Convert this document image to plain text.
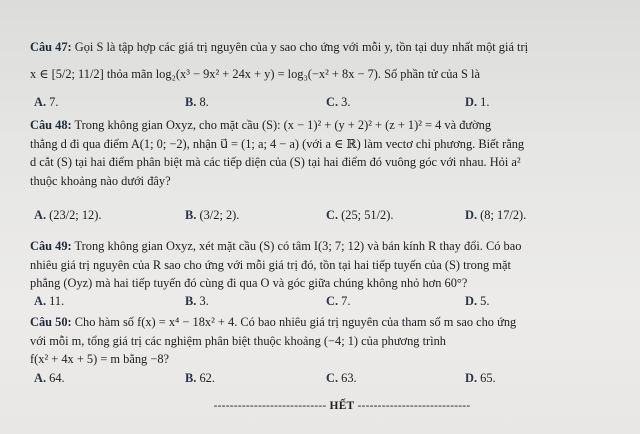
Câu 47: Gọi S là tập hợp các giá trị nguyên của y sao cho ứng với mỗi y, tồn tại duy nhất một giá trị
x ∈ [5/2; 11/2] thỏa mãn log₂(x³ − 9x² + 24x + y) = log₃(−x² + 8x − 7). Số phần tử của S là
A. 7.	B. 8.	C. 3.	D. 1.
Câu 48: Trong không gian Oxyz, cho mặt cầu (S): (x − 1)² + (y + 2)² + (z + 1)² = 4 và đường
thẳng d đi qua điểm A(1; 0; −2), nhận u⃗ = (1; a; 4 − a) (với a ∈ ℝ) làm vectơ chỉ phương. Biết rằng
d cắt (S) tại hai điểm phân biệt mà các tiếp diện của (S) tại hai điểm đó vuông góc với nhau. Hỏi a²
thuộc khoảng nào dưới đây?
A. (23/2; 12).	B. (3/2; 2).	C. (25; 51/2).	D. (8; 17/2).
Câu 49: Trong không gian Oxyz, xét mặt cầu (S) có tâm I(3; 7; 12) và bán kính R thay đổi. Có bao
nhiêu giá trị nguyên của R sao cho ứng với mỗi giá trị đó, tồn tại hai tiếp tuyến của (S) trong mặt
phẳng (Oyz) mà hai tiếp tuyến đó cùng đi qua O và góc giữa chúng không nhỏ hơn 60°?
A. 11.	B. 3.	C. 7.	D. 5.
Câu 50: Cho hàm số f(x) = x⁴ − 18x² + 4. Có bao nhiêu giá trị nguyên của tham số m sao cho ứng
với mỗi m, tổng giá trị các nghiệm phân biệt thuộc khoảng (−4; 1) của phương trình
f(x² + 4x + 5) = m bằng −8?
A. 64.	B. 62.	C. 63.	D. 65.
---------------------------- HẾT ----------------------------
